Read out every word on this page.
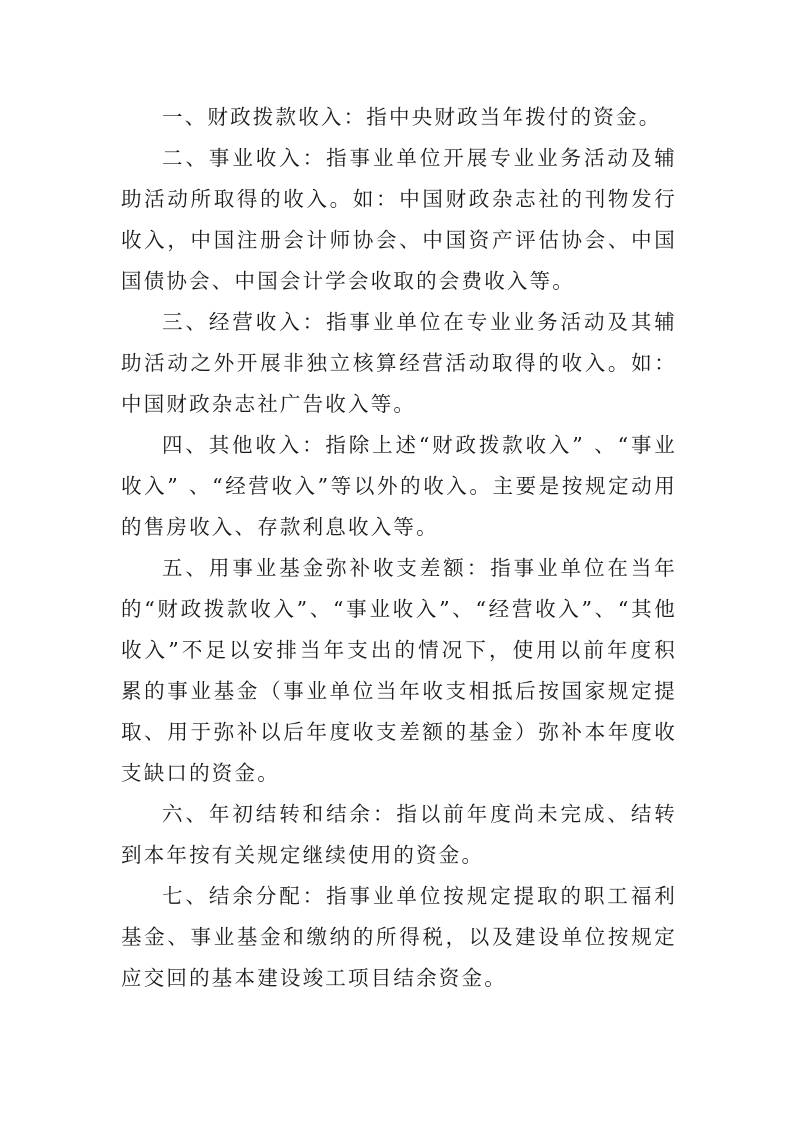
一、财政拨款收入：指中央财政当年拨付的资金。

二、事业收入：指事业单位开展专业业务活动及辅助活动所取得的收入。如：中国财政杂志社的刊物发行收入，中国注册会计师协会、中国资产评估协会、中国国债协会、中国会计学会收取的会费收入等。

三、经营收入：指事业单位在专业业务活动及其辅助活动之外开展非独立核算经营活动取得的收入。如：中国财政杂志社广告收入等。

四、其他收入：指除上述“财政拨款收入” 、“事业收入” 、“经营收入”等以外的收入。主要是按规定动用的售房收入、存款利息收入等。

五、用事业基金弥补收支差额：指事业单位在当年的“财政拨款收入”、“事业收入”、“经营收入”、“其他收入”不足以安排当年支出的情况下，使用以前年度积累的事业基金（事业单位当年收支相抵后按国家规定提取、用于弥补以后年度收支差额的基金）弥补本年度收支缺口的资金。

六、年初结转和结余：指以前年度尚未完成、结转到本年按有关规定继续使用的资金。

七、结余分配：指事业单位按规定提取的职工福利基金、事业基金和缴纳的所得税，以及建设单位按规定应交回的基本建设竣工项目结余资金。
